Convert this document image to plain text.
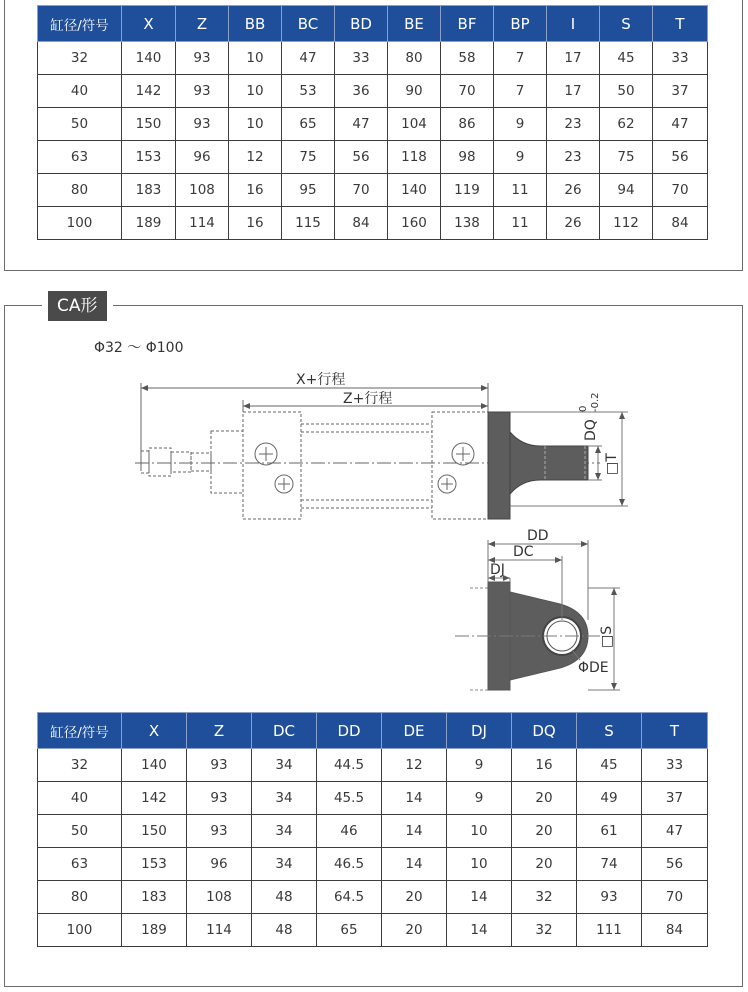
缸径/符号	X	Z	BB	BC	BD	BE	BF	BP	I	S	T
32	140	93	10	47	33	80	58	7	17	45	33
40	142	93	10	53	36	90	70	7	17	50	37
50	150	93	10	65	47	104	86	9	23	62	47
63	153	96	12	75	56	118	98	9	23	75	56
80	183	108	16	95	70	140	119	11	26	94	70
100	189	114	16	115	84	160	138	11	26	112	84
CA形
Φ32 ～ Φ100
X+行程
Z+行程
DD
DC
DJ
ΦDE
DQ
0 -0.2
□T
□S
缸径/符号	X	Z	DC	DD	DE	DJ	DQ	S	T
32	140	93	34	44.5	12	9	16	45	33
40	142	93	34	45.5	14	9	20	49	37
50	150	93	34	46	14	10	20	61	47
63	153	96	34	46.5	14	10	20	74	56
80	183	108	48	64.5	20	14	32	93	70
100	189	114	48	65	20	14	32	111	84
